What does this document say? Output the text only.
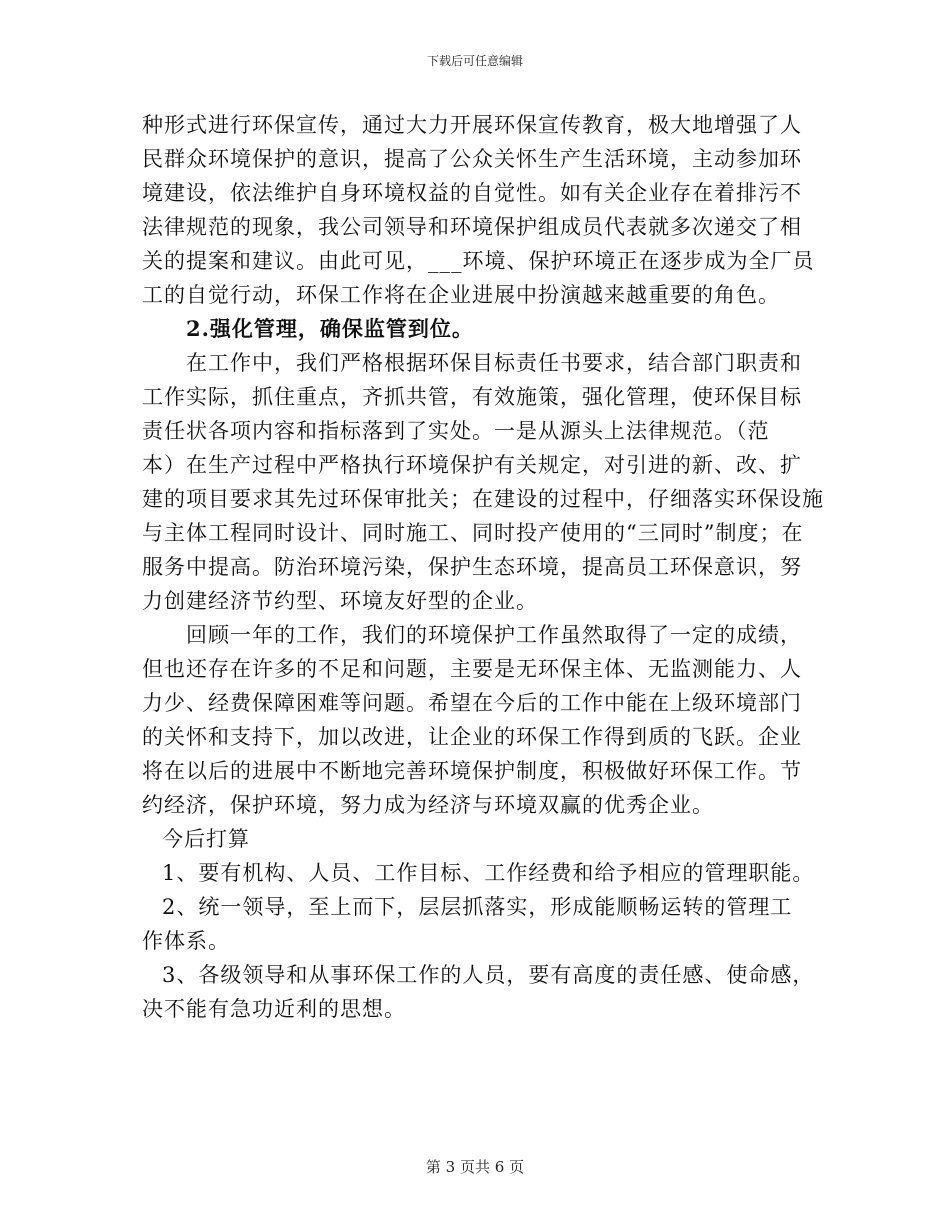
下载后可任意编辑
种形式进行环保宣传，通过大力开展环保宣传教育，极大地增强了人
民群众环境保护的意识，提高了公众关怀生产生活环境，主动参加环
境建设，依法维护自身环境权益的自觉性。如有关企业存在着排污不
法律规范的现象，我公司领导和环境保护组成员代表就多次递交了相
关的提案和建议。由此可见，___环境、保护环境正在逐步成为全厂员
工的自觉行动，环保工作将在企业进展中扮演越来越重要的角色。
2.强化管理，确保监管到位。
在工作中，我们严格根据环保目标责任书要求，结合部门职责和
工作实际，抓住重点，齐抓共管，有效施策，强化管理，使环保目标
责任状各项内容和指标落到了实处。一是从源头上法律规范。（范
本）在生产过程中严格执行环境保护有关规定，对引进的新、改、扩
建的项目要求其先过环保审批关；在建设的过程中，仔细落实环保设施
与主体工程同时设计、同时施工、同时投产使用的“三同时”制度；在
服务中提高。防治环境污染，保护生态环境，提高员工环保意识，努
力创建经济节约型、环境友好型的企业。
回顾一年的工作，我们的环境保护工作虽然取得了一定的成绩，
但也还存在许多的不足和问题，主要是无环保主体、无监测能力、人
力少、经费保障困难等问题。希望在今后的工作中能在上级环境部门
的关怀和支持下，加以改进，让企业的环保工作得到质的飞跃。企业
将在以后的进展中不断地完善环境保护制度，积极做好环保工作。节
约经济，保护环境，努力成为经济与环境双赢的优秀企业。
今后打算
1、要有机构、人员、工作目标、工作经费和给予相应的管理职能。
2、统一领导，至上而下，层层抓落实，形成能顺畅运转的管理工
作体系。
3、各级领导和从事环保工作的人员，要有高度的责任感、使命感，
决不能有急功近利的思想。
第 3 页共 6 页
